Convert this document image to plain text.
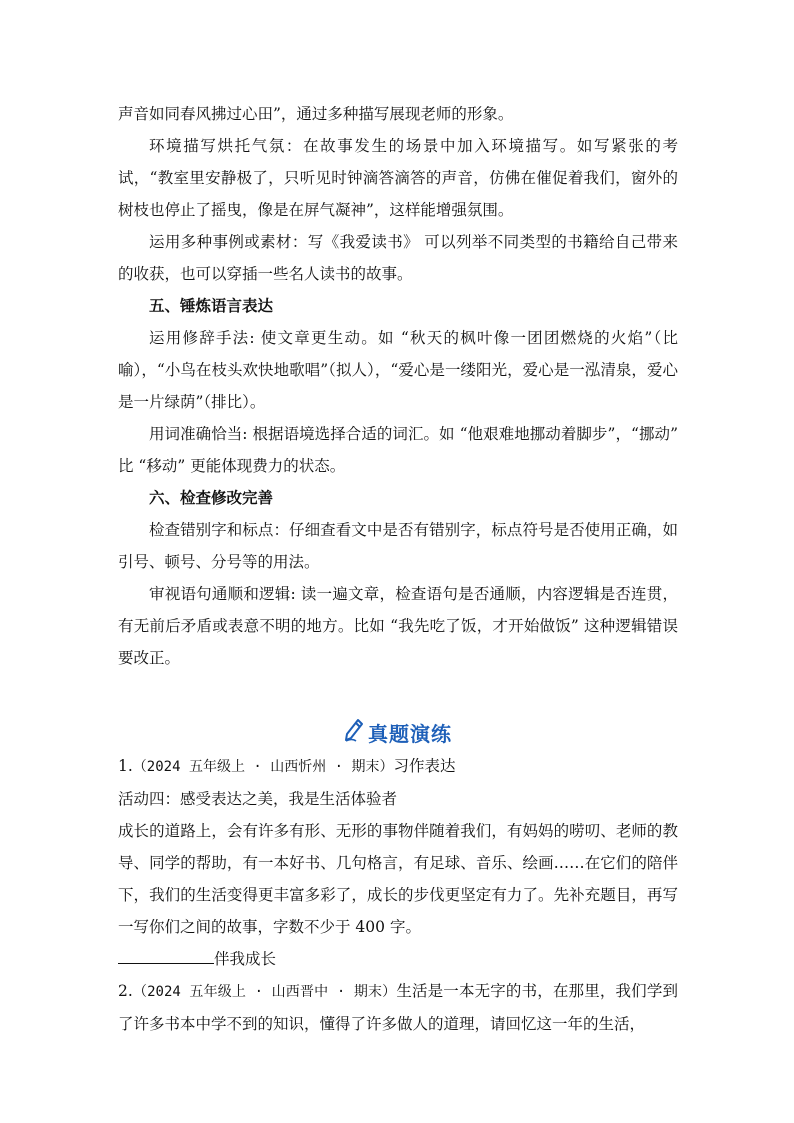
声音如同春风拂过心田”，通过多种描写展现老师的形象。

环境描写烘托气氛：在故事发生的场景中加入环境描写。如写紧张的考试，“教室里安静极了，只听见时钟滴答滴答的声音，仿佛在催促着我们，窗外的树枝也停止了摇曳，像是在屏气凝神”，这样能增强氛围。

运用多种事例或素材：写《我爱读书》 可以列举不同类型的书籍给自己带来的收获，也可以穿插一些名人读书的故事。

五、锤炼语言表达

运用修辞手法: 使文章更生动。如 “秋天的枫叶像一团团燃烧的火焰”（比喻），“小鸟在枝头欢快地歌唱”（拟人），“爱心是一缕阳光，爱心是一泓清泉，爱心是一片绿荫”（排比）。

用词准确恰当: 根据语境选择合适的词汇。如 “他艰难地挪动着脚步”，“挪动” 比 “移动” 更能体现费力的状态。

六、检查修改完善

检查错别字和标点：仔细查看文中是否有错别字，标点符号是否使用正确，如引号、顿号、分号等的用法。

审视语句通顺和逻辑: 读一遍文章，检查语句是否通顺，内容逻辑是否连贯，有无前后矛盾或表意不明的地方。比如 “我先吃了饭，才开始做饭” 这种逻辑错误要改正。

真题演练

1.（2024 五年级上 · 山西忻州 · 期末）习作表达

活动四：感受表达之美，我是生活体验者

成长的道路上，会有许多有形、无形的事物伴随着我们，有妈妈的唠叨、老师的教导、同学的帮助，有一本好书、几句格言，有足球、音乐、绘画……在它们的陪伴下，我们的生活变得更丰富多彩了，成长的步伐更坚定有力了。先补充题目，再写一写你们之间的故事，字数不少于 400 字。

伴我成长

2.（2024 五年级上 · 山西晋中 · 期末）生活是一本无字的书，在那里，我们学到了许多书本中学不到的知识，懂得了许多做人的道理，请回忆这一年的生活，
